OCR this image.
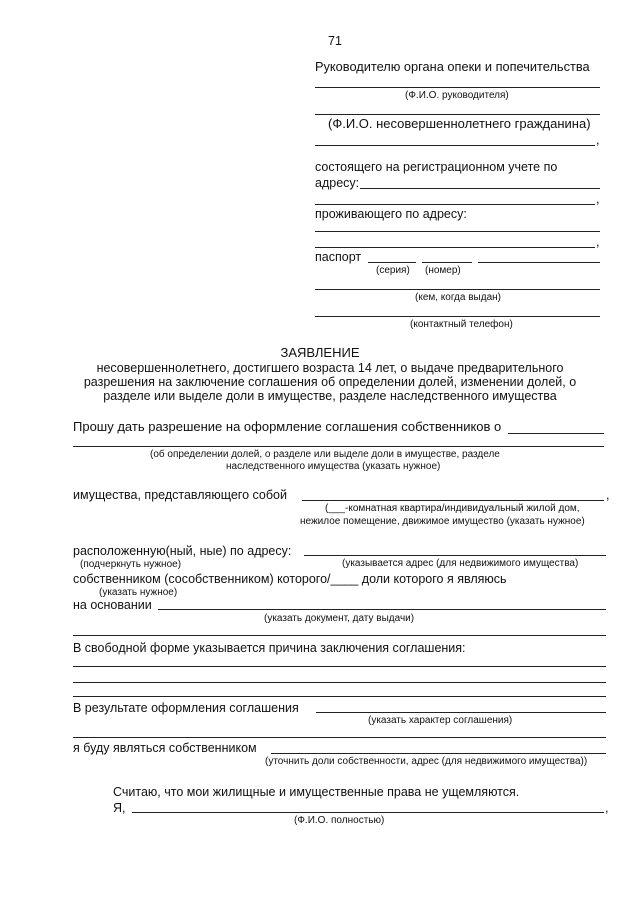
71
Руководителю органа опеки и попечительства
(Ф.И.О. руководителя)
(Ф.И.О. несовершеннолетнего гражданина)
,
состоящего на регистрационном учете по
адресу:
,
проживающего по адресу:
,
паспорт
(серия) (номер)
(кем, когда выдан)
(контактный телефон)
ЗАЯВЛЕНИЕ
несовершеннолетнего, достигшего возраста 14 лет, о выдаче предварительного
разрешения на заключение соглашения об определении долей, изменении долей, о
разделе или выделе доли в имуществе, разделе наследственного имущества
Прошу дать разрешение на оформление соглашения собственников о
(об определении долей, о разделе или выделе доли в имуществе, разделе
наследственного имущества (указать нужное)
имущества, представляющего собой	,
(___-комнатная квартира/индивидуальный жилой дом,
нежилое помещение, движимое имущество (указать нужное)
расположенную(ный, ные) по адресу:
(подчеркнуть нужное)	(указывается адрес (для недвижимого имущества)
собственником (сособственником) которого/____ доли которого я являюсь
(указать нужное)
на основании
(указать документ, дату выдачи)
В свободной форме указывается причина заключения соглашения:
В результате оформления соглашения
(указать характер соглашения)
я буду являться собственником
(уточнить доли собственности, адрес (для недвижимого имущества))
Считаю, что мои жилищные и имущественные права не ущемляются.
Я,	,
(Ф.И.О. полностью)
